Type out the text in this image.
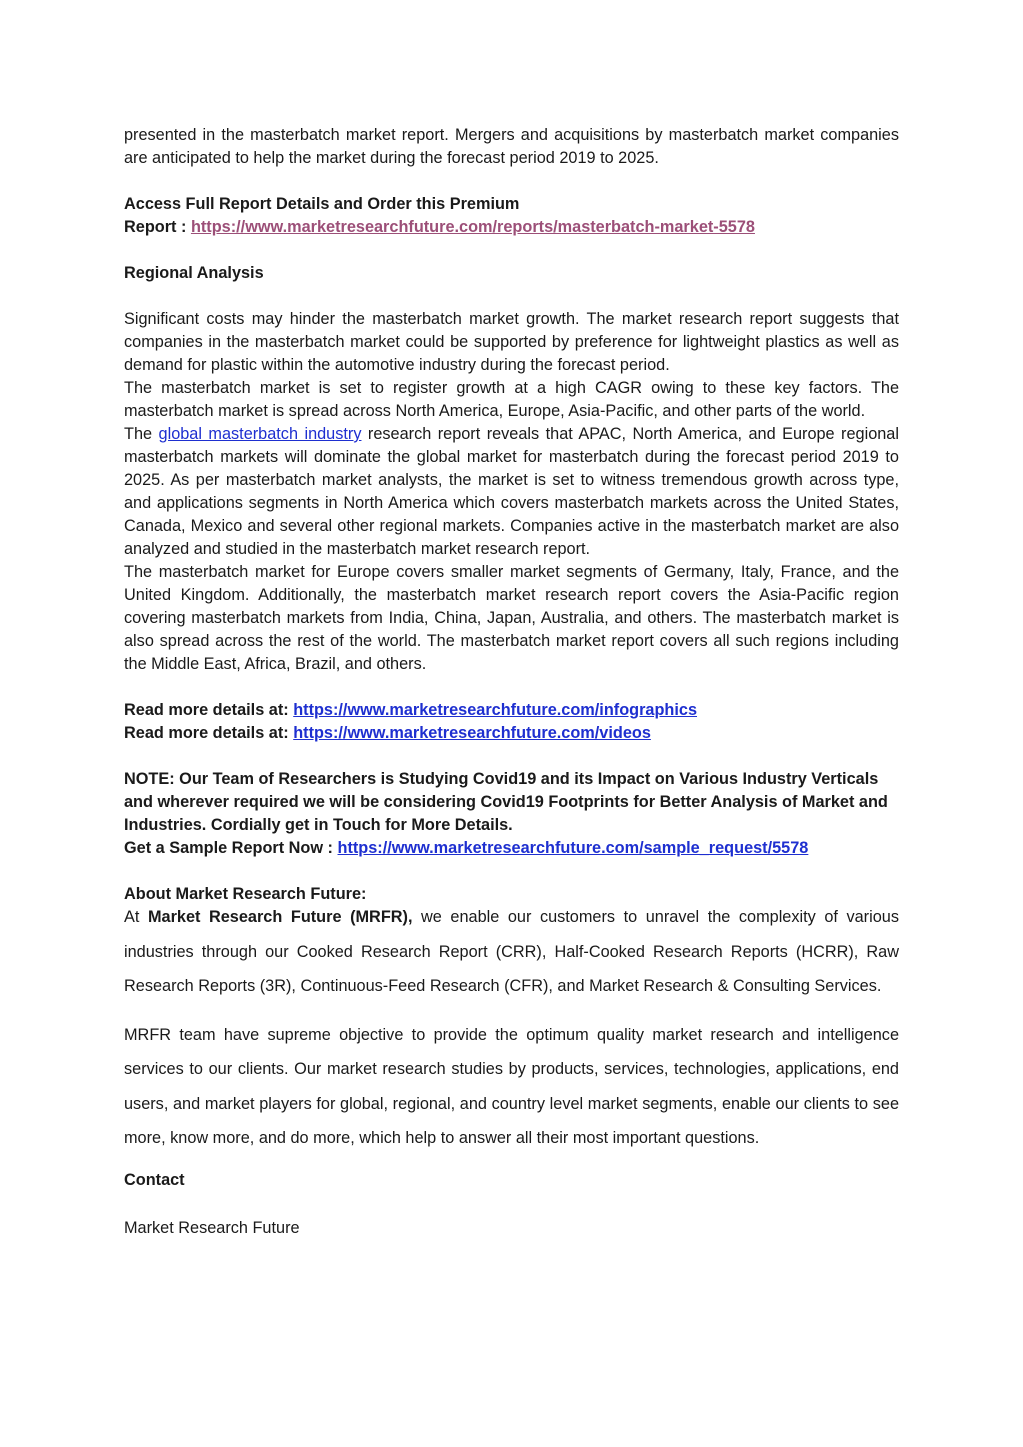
presented in the masterbatch market report. Mergers and acquisitions by masterbatch market companies are anticipated to help the market during the forecast period 2019 to 2025.

Access Full Report Details and Order this Premium

Report : https://www.marketresearchfuture.com/reports/masterbatch-market-5578

Regional Analysis

Significant costs may hinder the masterbatch market growth. The market research report suggests that companies in the masterbatch market could be supported by preference for lightweight plastics as well as demand for plastic within the automotive industry during the forecast period.

The masterbatch market is set to register growth at a high CAGR owing to these key factors. The masterbatch market is spread across North America, Europe, Asia-Pacific, and other parts of the world.

The global masterbatch industry research report reveals that APAC, North America, and Europe regional masterbatch markets will dominate the global market for masterbatch during the forecast period 2019 to 2025. As per masterbatch market analysts, the market is set to witness tremendous growth across type, and applications segments in North America which covers masterbatch markets across the United States, Canada, Mexico and several other regional markets. Companies active in the masterbatch market are also analyzed and studied in the masterbatch market research report.

The masterbatch market for Europe covers smaller market segments of Germany, Italy, France, and the United Kingdom. Additionally, the masterbatch market research report covers the Asia-Pacific region covering masterbatch markets from India, China, Japan, Australia, and others. The masterbatch market is also spread across the rest of the world. The masterbatch market report covers all such regions including the Middle East, Africa, Brazil, and others.

Read more details at: https://www.marketresearchfuture.com/infographics

Read more details at: https://www.marketresearchfuture.com/videos

NOTE: Our Team of Researchers is Studying Covid19 and its Impact on Various Industry Verticals and wherever required we will be considering Covid19 Footprints for Better Analysis of Market and Industries. Cordially get in Touch for More Details.

Get a Sample Report Now : https://www.marketresearchfuture.com/sample_request/5578

About Market Research Future:

At Market Research Future (MRFR), we enable our customers to unravel the complexity of various industries through our Cooked Research Report (CRR), Half-Cooked Research Reports (HCRR), Raw Research Reports (3R), Continuous-Feed Research (CFR), and Market Research & Consulting Services.

MRFR team have supreme objective to provide the optimum quality market research and intelligence services to our clients. Our market research studies by products, services, technologies, applications, end users, and market players for global, regional, and country level market segments, enable our clients to see more, know more, and do more, which help to answer all their most important questions.

Contact

Market Research Future
